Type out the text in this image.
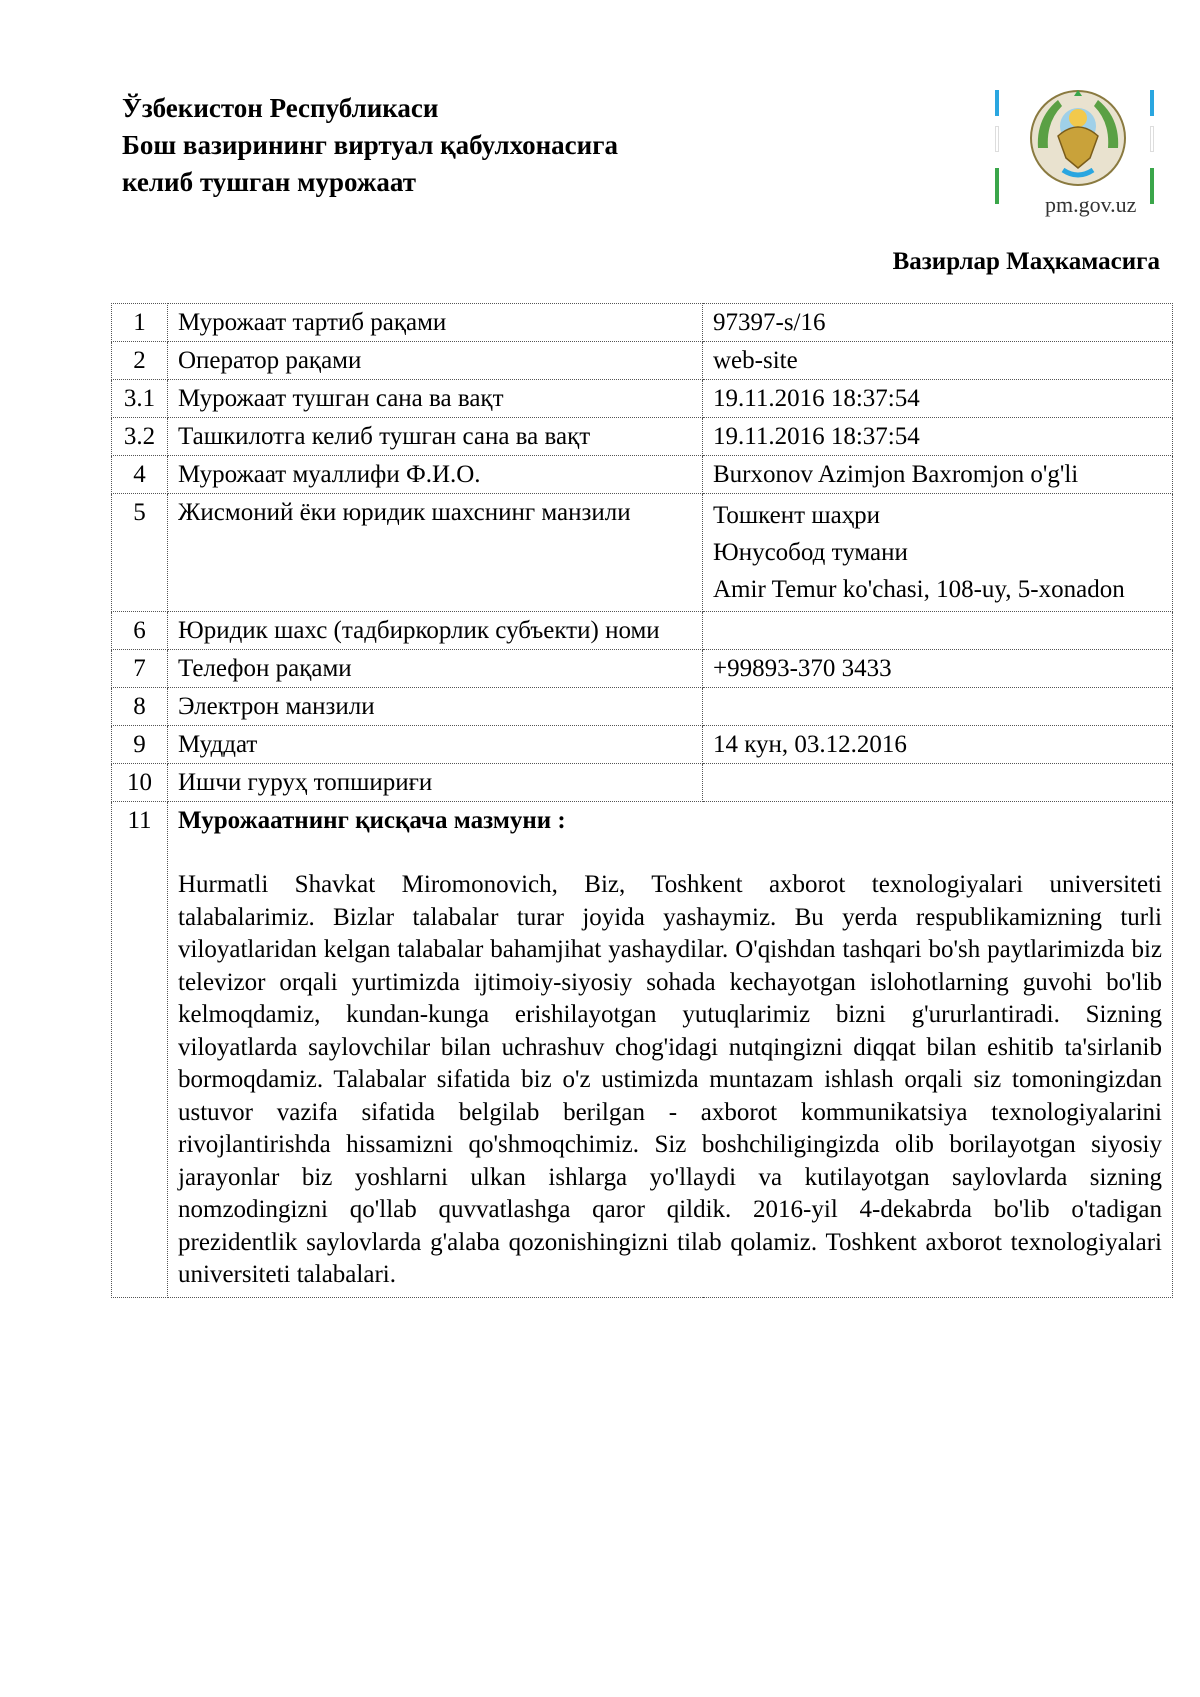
Ўзбекистон Республикаси
Бош вазирининг виртуал қабулхонасига
келиб тушган мурожаат
pm.gov.uz
Вазирлар Маҳкамасига
1	Мурожаат тартиб рақами	97397-s/16
2	Оператор рақами	web-site
3.1	Мурожаат тушган сана ва вақт	19.11.2016 18:37:54
3.2	Ташкилотга келиб тушган сана ва вақт	19.11.2016 18:37:54
4	Мурожаат муаллифи Ф.И.О.	Burxonov Azimjon Baxromjon o'g'li
5	Жисмоний ёки юридик шахснинг манзили	Тошкент шаҳри
Юнусобод тумани
Amir Temur ko'chasi, 108-uy, 5-xonadon

6	Юридик шахс (тадбиркорлик субъекти) номи	
7	Телефон рақами	+99893-370 3433
8	Электрон манзили	
9	Муддат	14 кун, 03.12.2016
10	Ишчи гуруҳ топшириғи	
11	Мурожаатнинг қисқача мазмуни :
Hurmatli Shavkat Miromonovich, Biz, Toshkent axborot texnologiyalari universiteti talabalarimiz. Bizlar talabalar turar joyida yashaymiz. Bu yerda respublikamizning turli viloyatlaridan kelgan talabalar bahamjihat yashaydilar. O'qishdan tashqari bo'sh paytlarimizda biz televizor orqali yurtimizda ijtimoiy-siyosiy sohada kechayotgan islohotlarning guvohi bo'lib kelmoqdamiz, kundan-kunga erishilayotgan yutuqlarimiz bizni g'ururlantiradi. Sizning viloyatlarda saylovchilar bilan uchrashuv chog'idagi nutqingizni diqqat bilan eshitib ta'sirlanib bormoqdamiz. Talabalar sifatida biz o'z ustimizda muntazam ishlash orqali siz tomoningizdan ustuvor vazifa sifatida belgilab berilgan - axborot kommunikatsiya texnologiyalarini rivojlantirishda hissamizni qo'shmoqchimiz. Siz boshchiligingizda olib borilayotgan siyosiy jarayonlar biz yoshlarni ulkan ishlarga yo'llaydi va kutilayotgan saylovlarda sizning nomzodingizni qo'llab quvvatlashga qaror qildik. 2016-yil 4-dekabrda bo'lib o'tadigan prezidentlik saylovlarda g'alaba qozonishingizni tilab qolamiz. Toshkent axborot texnologiyalari universiteti talabalari.	
